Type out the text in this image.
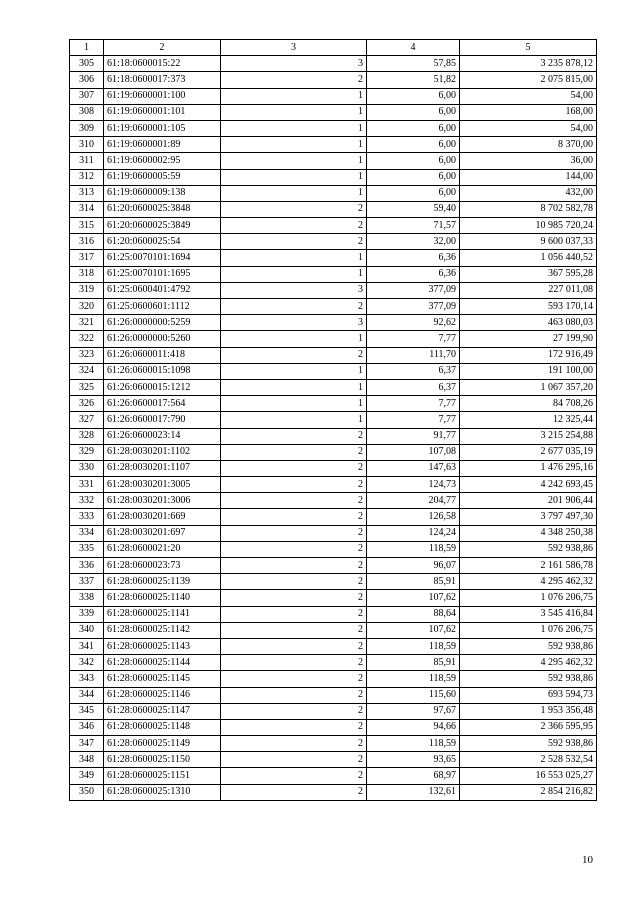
1	2	3	4	5
305	61:18:0600015:22	3	57,85	3 235 878,12
306	61:18:0600017:373	2	51,82	2 075 815,00
307	61:19:0600001:100	1	6,00	54,00
308	61:19:0600001:101	1	6,00	168,00
309	61:19:0600001:105	1	6,00	54,00
310	61:19:0600001:89	1	6,00	8 370,00
311	61:19:0600002:95	1	6,00	36,00
312	61:19:0600005:59	1	6,00	144,00
313	61:19:0600009:138	1	6,00	432,00
314	61:20:0600025:3848	2	59,40	8 702 582,78
315	61:20:0600025:3849	2	71,57	10 985 720,24
316	61:20:0600025:54	2	32,00	9 600 037,33
317	61:25:0070101:1694	1	6,36	1 056 440,52
318	61:25:0070101:1695	1	6,36	367 595,28
319	61:25:0600401:4792	3	377,09	227 011,08
320	61:25:0600601:1112	2	377,09	593 170,14
321	61:26:0000000:5259	3	92,62	463 080,03
322	61:26:0000000:5260	1	7,77	27 199,90
323	61:26:0600011:418	2	111,70	172 916,49
324	61:26:0600015:1098	1	6,37	191 100,00
325	61:26:0600015:1212	1	6,37	1 067 357,20
326	61:26:0600017:564	1	7,77	84 708,26
327	61:26:0600017:790	1	7,77	12 325,44
328	61:26:0600023:14	2	91,77	3 215 254,88
329	61:28:0030201:1102	2	107,08	2 677 035,19
330	61:28:0030201:1107	2	147,63	1 476 295,16
331	61:28:0030201:3005	2	124,73	4 242 693,45
332	61:28:0030201:3006	2	204,77	201 906,44
333	61:28:0030201:669	2	126,58	3 797 497,30
334	61:28:0030201:697	2	124,24	4 348 250,38
335	61:28:0600021:20	2	118,59	592 938,86
336	61:28:0600023:73	2	96,07	2 161 586,78
337	61:28:0600025:1139	2	85,91	4 295 462,32
338	61:28:0600025:1140	2	107,62	1 076 206,75
339	61:28:0600025:1141	2	88,64	3 545 416,84
340	61:28:0600025:1142	2	107,62	1 076 206,75
341	61:28:0600025:1143	2	118,59	592 938,86
342	61:28:0600025:1144	2	85,91	4 295 462,32
343	61:28:0600025:1145	2	118,59	592 938,86
344	61:28:0600025:1146	2	115,60	693 594,73
345	61:28:0600025:1147	2	97,67	1 953 356,48
346	61:28:0600025:1148	2	94,66	2 366 595,95
347	61:28:0600025:1149	2	118,59	592 938,86
348	61:28:0600025:1150	2	93,65	2 528 532,54
349	61:28:0600025:1151	2	68,97	16 553 025,27
350	61:28:0600025:1310	2	132,61	2 854 216,82
10
